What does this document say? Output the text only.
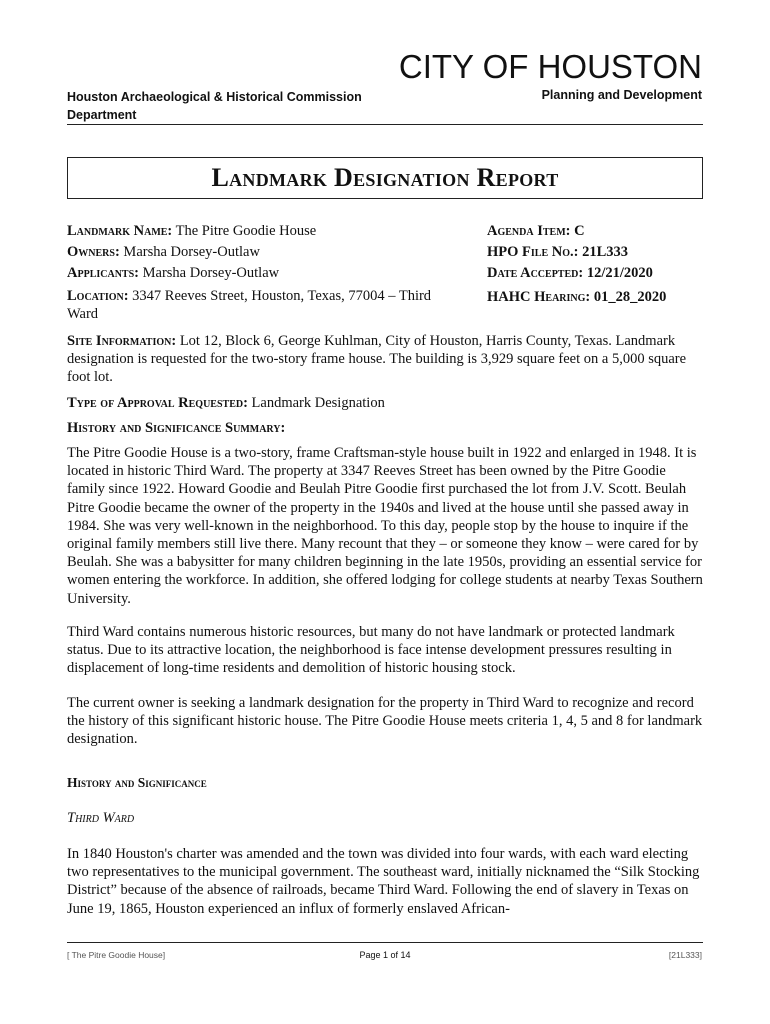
CITY OF HOUSTON
Houston Archaeological & Historical Commission Department
Planning and Development
Landmark Designation Report
Landmark Name: The Pitre Goodie House
Owners: Marsha Dorsey-Outlaw
Applicants: Marsha Dorsey-Outlaw
Location: 3347 Reeves Street, Houston, Texas, 77004 – Third Ward
Agenda Item: C
HPO File No.: 21L333
Date Accepted: 12/21/2020
HAHC Hearing: 01_28_2020

Site Information: Lot 12, Block 6, George Kuhlman, City of Houston, Harris County, Texas. Landmark designation is requested for the two-story frame house. The building is 3,929 square feet on a 5,000 square foot lot.

Type of Approval Requested: Landmark Designation
History and Significance Summary:
The Pitre Goodie House is a two-story, frame Craftsman-style house built in 1922 and enlarged in 1948. It is located in historic Third Ward. The property at 3347 Reeves Street has been owned by the Pitre Goodie family since 1922. Howard Goodie and Beulah Pitre Goodie first purchased the lot from J.V. Scott. Beulah Pitre Goodie became the owner of the property in the 1940s and lived at the house until she passed away in 1984. She was very well-known in the neighborhood. To this day, people stop by the house to inquire if the original family members still live there. Many recount that they – or someone they know – were cared for by Beulah. She was a babysitter for many children beginning in the late 1950s, providing an essential service for women entering the workforce. In addition, she offered lodging for college students at nearby Texas Southern University.
Third Ward contains numerous historic resources, but many do not have landmark or protected landmark status. Due to its attractive location, the neighborhood is face intense development pressures resulting in displacement of long-time residents and demolition of historic housing stock.
The current owner is seeking a landmark designation for the property in Third Ward to recognize and record the history of this significant historic house. The Pitre Goodie House meets criteria 1, 4, 5 and 8 for landmark designation.
History and Significance
Third Ward
In 1840 Houston's charter was amended and the town was divided into four wards, with each ward electing two representatives to the municipal government. The southeast ward, initially nicknamed the “Silk Stocking District” because of the absence of railroads, became Third Ward. Following the end of slavery in Texas on June 19, 1865, Houston experienced an influx of formerly enslaved African-
[ The Pitre Goodie House]	Page 1 of 14	[21L333]
